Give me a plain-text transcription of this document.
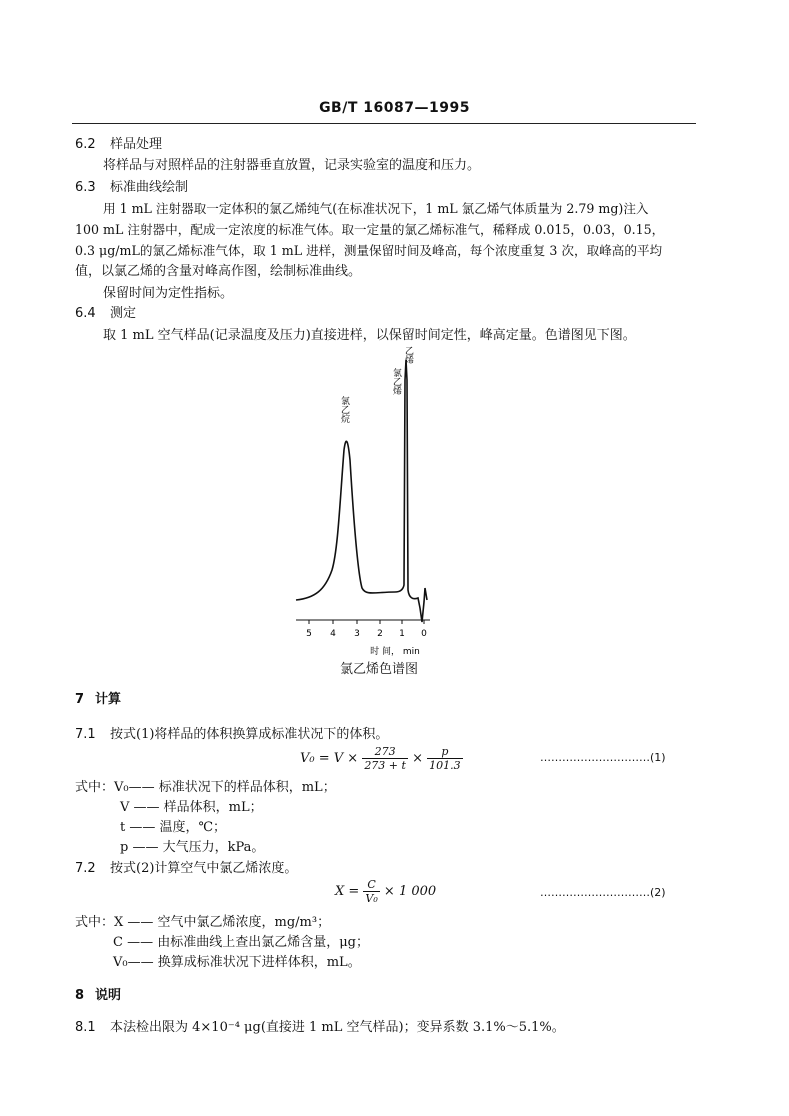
GB/T 16087—1995
6.2 样品处理
将样品与对照样品的注射器垂直放置，记录实验室的温度和压力。
6.3 标准曲线绘制
用 1 mL 注射器取一定体积的氯乙烯纯气(在标准状况下，1 mL 氯乙烯气体质量为 2.79 mg)注入
100 mL 注射器中，配成一定浓度的标准气体。取一定量的氯乙烯标准气，稀释成 0.015，0.03，0.15，
0.3 μg/mL的氯乙烯标准气体，取 1 mL 进样，测量保留时间及峰高，每个浓度重复 3 次，取峰高的平均
值，以氯乙烯的含量对峰高作图，绘制标准曲线。
保留时间为定性指标。
6.4 测定
取 1 mL 空气样品(记录温度及压力)直接进样，以保留时间定性，峰高定量。色谱图见下图。
5 4 3 2 1 0
时 间， min
氯乙烷
乙烯
氯乙烯
氯乙烯色谱图
7 计算
7.1 按式(1)将样品的体积换算成标准状况下的体积。
$V_0 = V \times \frac{273}{273 + t} \times \frac{p}{101.3}$	…………………………(1)
式中：V₀—— 标准状况下的样品体积，mL；
V —— 样品体积，mL；
t —— 温度，℃；
p —— 大气压力，kPa。
7.2 按式(2)计算空气中氯乙烯浓度。
$X = \frac{C}{\text{V₀}} \times 1$ 000	…………………………(2)
式中：X —— 空气中氯乙烯浓度，mg/m³；
C —— 由标准曲线上查出氯乙烯含量，μg；
V₀—— 换算成标准状况下进样体积，mL。
8 说明
8.1 本法检出限为 4×10⁻⁴ μg(直接进 1 mL 空气样品)；变异系数 3.1%～5.1%。
